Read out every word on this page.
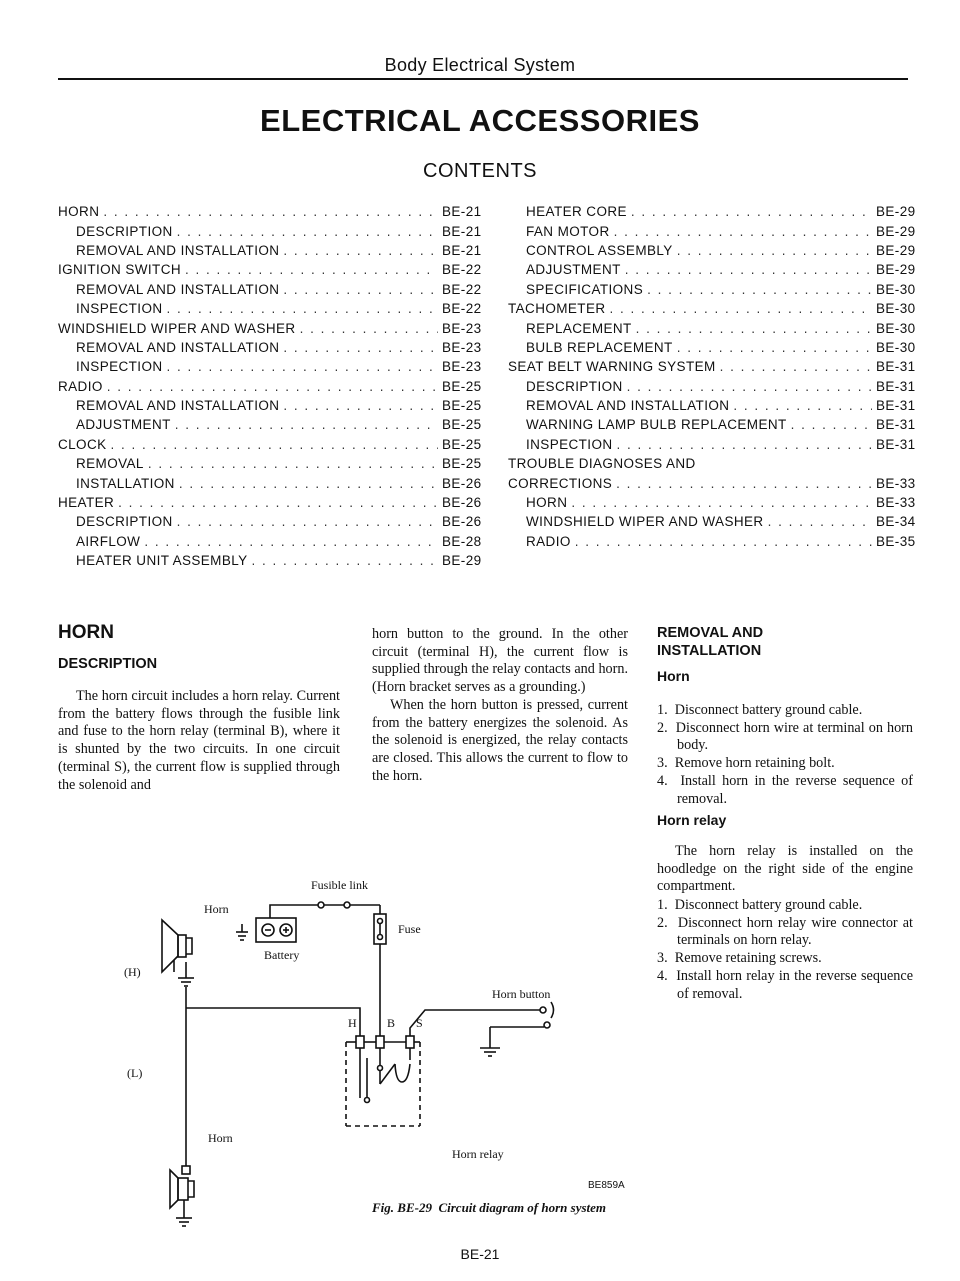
Body Electrical System
ELECTRICAL ACCESSORIES
CONTENTS
HORN . . .	BE-21
DESCRIPTION . . .	BE-21
REMOVAL AND INSTALLATION . . .	BE-21
IGNITION SWITCH . . .	BE-22
REMOVAL AND INSTALLATION . . .	BE-22
INSPECTION . . .	BE-22
WINDSHIELD WIPER AND WASHER . . .	BE-23
REMOVAL AND INSTALLATION . . .	BE-23
INSPECTION . . .	BE-23
RADIO . . .	BE-25
REMOVAL AND INSTALLATION . . .	BE-25
ADJUSTMENT . . .	BE-25
CLOCK . . .	BE-25
REMOVAL . . .	BE-25
INSTALLATION . . .	BE-26
HEATER . . .	BE-26
DESCRIPTION . . .	BE-26
AIRFLOW . . .	BE-28
HEATER UNIT ASSEMBLY . . .	BE-29
HEATER CORE . . .	BE-29
FAN MOTOR . . .	BE-29
CONTROL ASSEMBLY . . .	BE-29
ADJUSTMENT . . .	BE-29
SPECIFICATIONS . . .	BE-30
TACHOMETER . . .	BE-30
REPLACEMENT . . .	BE-30
BULB REPLACEMENT . . .	BE-30
SEAT BELT WARNING SYSTEM . . .	BE-31
DESCRIPTION . . .	BE-31
REMOVAL AND INSTALLATION . . .	BE-31
WARNING LAMP BULB REPLACEMENT . . .	BE-31
INSPECTION . . .	BE-31
TROUBLE DIAGNOSES AND
CORRECTIONS . . .	BE-33
HORN . . .	BE-33
WINDSHIELD WIPER AND WASHER . . .	BE-34
RADIO . . .	BE-35
HORN
DESCRIPTION

The horn circuit includes a horn relay. Current from the battery flows through the fusible link and fuse to the horn relay (terminal B), where it is shunted by the two circuits. In one circuit (terminal S), the current flow is supplied through the solenoid and

horn button to the ground. In the other circuit (terminal H), the current flow is supplied through the relay contacts and horn. (Horn bracket serves as a grounding.)

When the horn button is pressed, current from the battery energizes the solenoid. As the solenoid is energized, the relay contacts are closed. This allows the current to flow to the horn.

REMOVAL AND INSTALLATION
Horn
1.  Disconnect battery ground cable.
2.  Disconnect horn wire at terminal on horn body.
3.  Remove horn retaining bolt.
4.  Install horn in the reverse sequence of removal.
Horn relay

The horn relay is installed on the hoodledge on the right side of the engine compartment.

1.  Disconnect battery ground cable.
2.  Disconnect horn relay wire connector at terminals on horn relay.
3.  Remove retaining screws.
4.  Install horn relay in the reverse sequence of removal.
Fusible link
Horn
Battery
Fuse
(H)
(L)
Horn
Horn button
Horn relay
H	B S
BE859A
Fig. BE-29  Circuit diagram of horn system
BE-21
